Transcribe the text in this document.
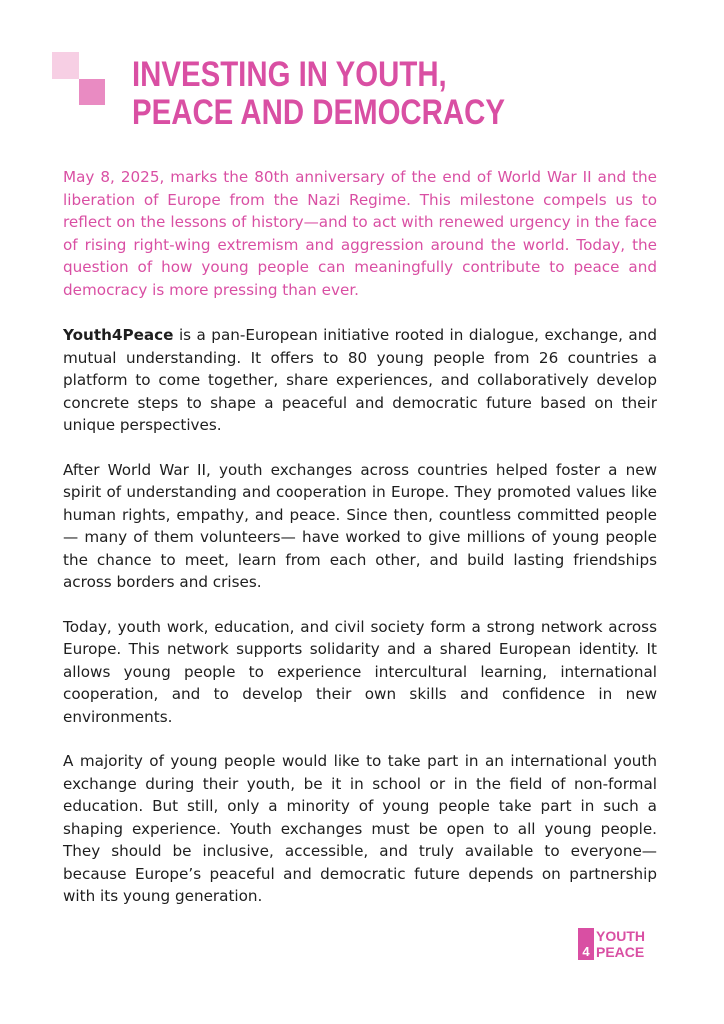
INVESTING IN YOUTH,
PEACE AND DEMOCRACY

May 8, 2025, marks the 80th anniversary of the end of World War II and the liberation of Europe from the Nazi Regime. This milestone compels us to reflect on the lessons of history—and to act with renewed urgency in the face of rising right-wing extremism and aggression around the world. Today, the question of how young people can meaningfully contribute to peace and democracy is more pressing than ever.

Youth4Peace is a pan-European initiative rooted in dialogue, exchange, and mutual understanding. It offers to 80 young people from 26 countries a platform to come together, share experiences, and collaboratively develop concrete steps to shape a peaceful and democratic future based on their unique perspectives.

After World War II, youth exchanges across countries helped foster a new spirit of understanding and cooperation in Europe. They promoted values like human rights, empathy, and peace. Since then, countless committed people — many of them volunteers— have worked to give millions of young people the chance to meet, learn from each other, and build lasting friendships across borders and crises.

Today, youth work, education, and civil society form a strong network across Europe. This network supports solidarity and a shared European identity. It allows young people to experience intercultural learning, international cooperation, and to develop their own skills and confidence in new environments.

A majority of young people would like to take part in an international youth exchange during their youth, be it in school or in the field of non-formal education. But still, only a minority of young people take part in such a shaping experience. Youth exchanges must be open to all young people. They should be inclusive, accessible, and truly available to everyone—because Europe’s peaceful and democratic future depends on partnership with its young generation.

4
YOUTH
PEACE
